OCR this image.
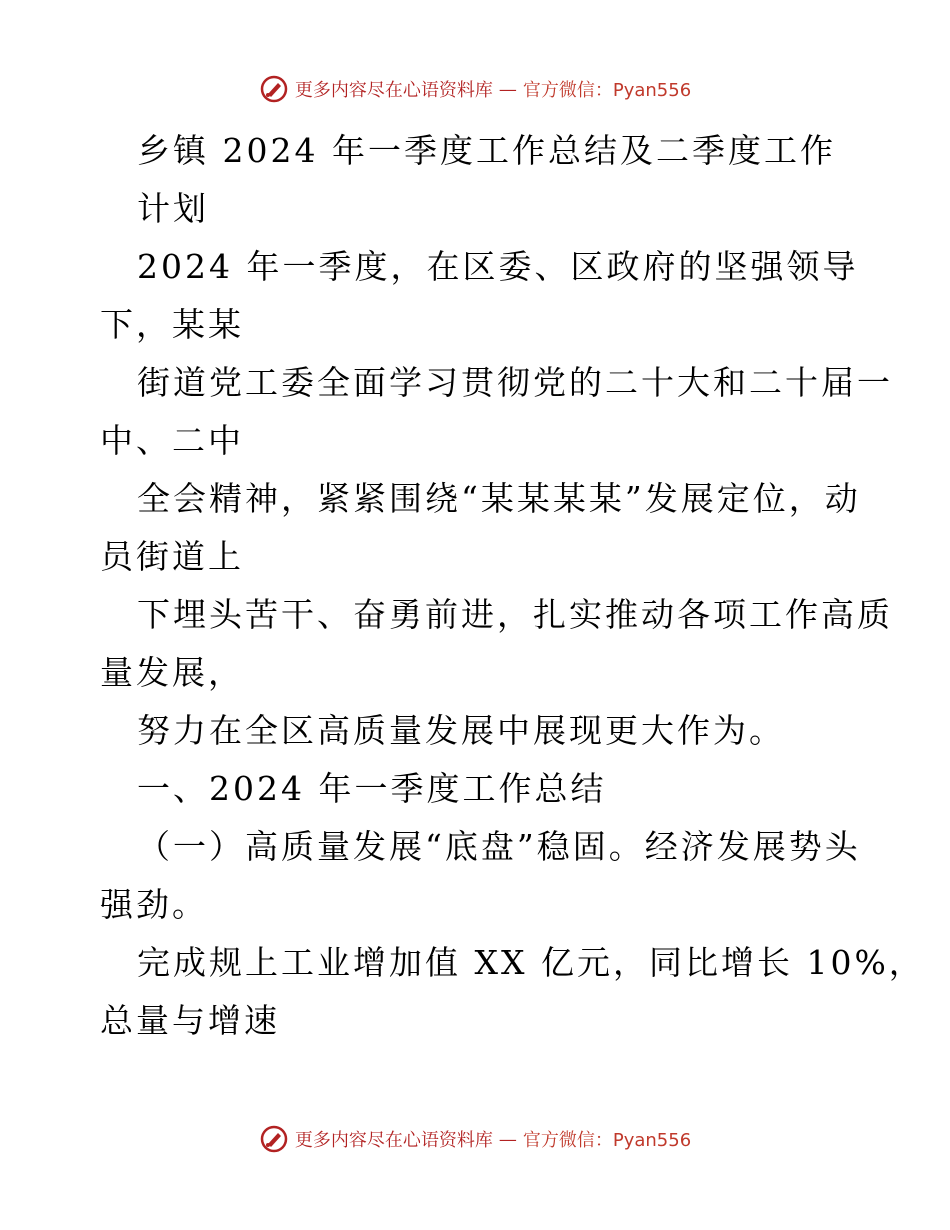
更多内容尽在心语资料库 — 官方微信：Pyan556
乡镇 2024 年一季度工作总结及二季度工作
计划
2024 年一季度，在区委、区政府的坚强领导
下，某某
街道党工委全面学习贯彻党的二十大和二十届一
中、二中
全会精神，紧紧围绕“某某某某”发展定位，动
员街道上
下埋头苦干、奋勇前进，扎实推动各项工作高质
量发展，
努力在全区高质量发展中展现更大作为。
一、2024 年一季度工作总结
（一）高质量发展“底盘”稳固。经济发展势头
强劲。
完成规上工业增加值 XX 亿元，同比增长 10%，
总量与增速
更多内容尽在心语资料库 — 官方微信：Pyan556
